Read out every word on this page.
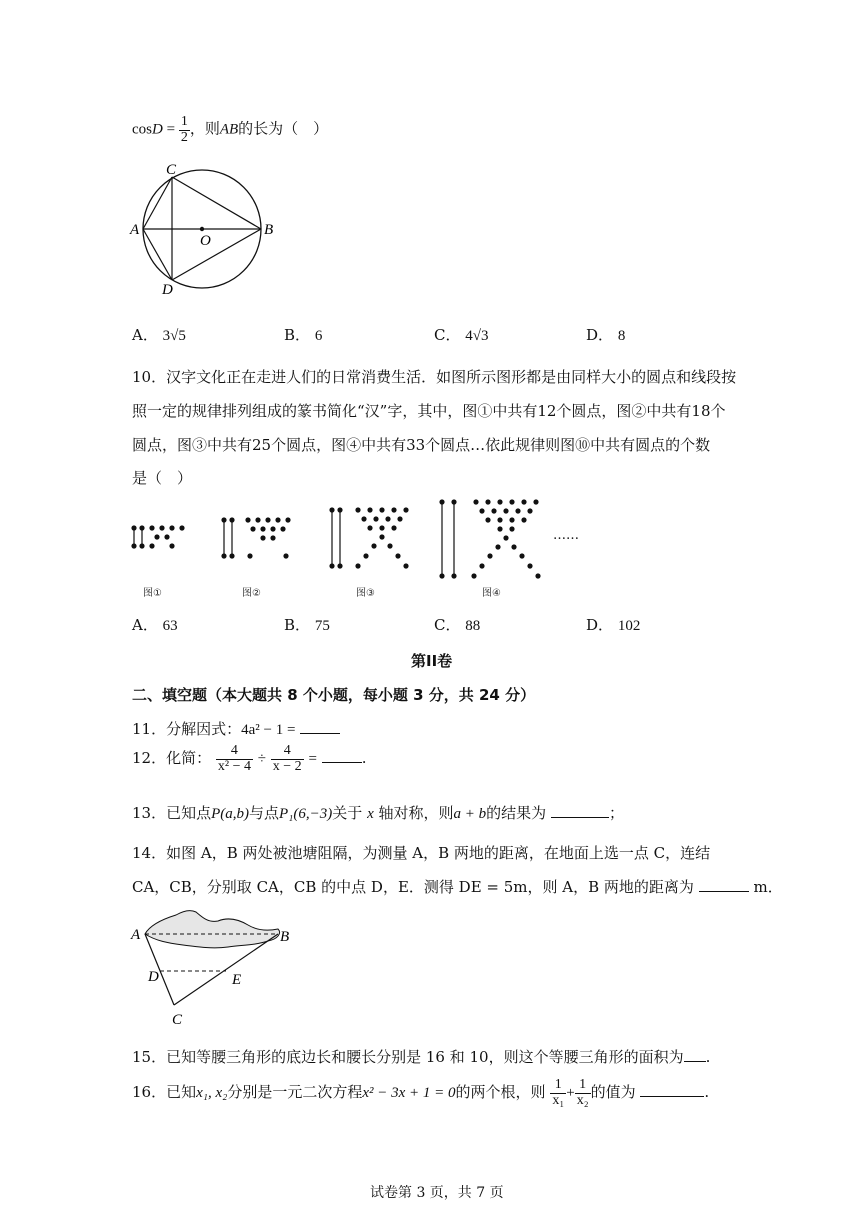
$\cos D = \frac{1}{2}$ ，则AB的长为（　）
A	B
C
D
O
A． 3√5	B． 6	C． 4√3	D． 8
10．汉字文化正在走进人们的日常消费生活．如图所示图形都是由同样大小的圆点和线段按
照一定的规律排列组成的篆书简化“汉”字，其中，图①中共有12个圆点，图②中共有18个
圆点，图③中共有25个圆点，图④中共有33个圆点…依此规律则图⑩中共有圆点的个数
是（　）
……
图①	图②	图③	图④
A． 63	B． 75	C． 88	D． 102
第II卷
二、填空题（本大题共 8 个小题，每小题 3 分，共 24 分）
11．分解因式：4a² − 1 =
12．化简： $\frac{4}{\text{x² − 4}} \div \frac{4}{x - 2}$ =	.
13．已知点P(a,b)与点P₁(6,−3)关于 x 轴对称，则a + b的结果为	；
14．如图 A，B 两处被池塘阻隔，为测量 A，B 两地的距离，在地面上选一点 C，连结
CA，CB，分别取 CA，CB 的中点 D，E．测得 DE = 5m，则 A，B 两地的距离为	m．
A	B
D	E
C
15．已知等腰三角形的底边长和腰长分别是 16 和 10，则这个等腰三角形的面积为 .
16．已知x₁, x₂分别是一元二次方程x² − 3x + 1 = 0的两个根，则 $\frac{1}{\text{x₁}} + \frac{1}{\text{x₂}}$ 的值为	.
试卷第 3 页，共 7 页
